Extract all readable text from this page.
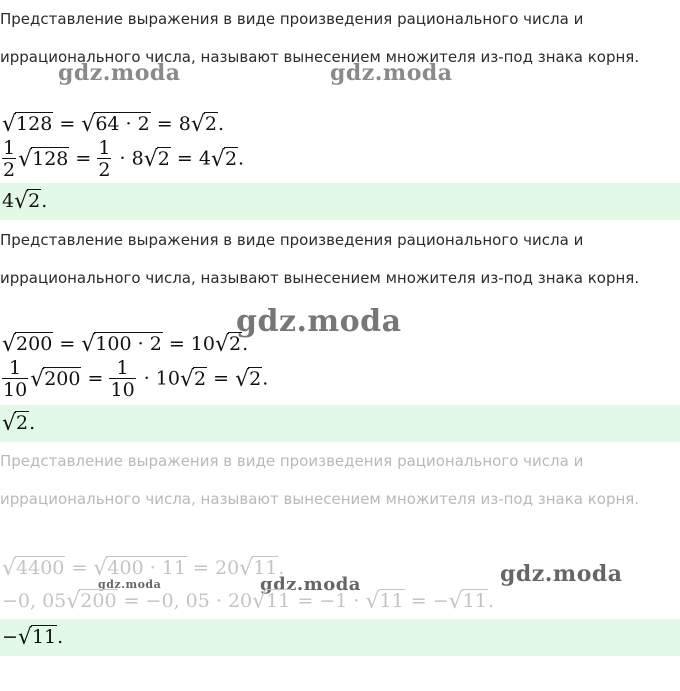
Представление выражения в виде произведения рационального числа и иррационального числа, называют вынесением множителя из-под знака корня.

gdz.moda	gdz.moda
√128 = √64 · 2 = 8√2.
$\frac{1}{2} √128 = \frac{1}{2} \cdot 8√2 = 4√2$.
4√2.

Представление выражения в виде произведения рационального числа и иррационального числа, называют вынесением множителя из-под знака корня.

√200 = √100 · 2 = 10√2.
gdz.moda
$\frac{1}{10} √200 = \frac{1}{10} \cdot 10√2 = √2$.
√2.

Представление выражения в виде произведения рационального числа и иррационального числа, называют вынесением множителя из-под знака корня.

√4400 = √400 · 11 = 20√11.
gdz.moda	gdz.moda	gdz.moda
−0, 05√200 = −0, 05 · 20√11 = −1 · √11 = −√11.
−√11.
